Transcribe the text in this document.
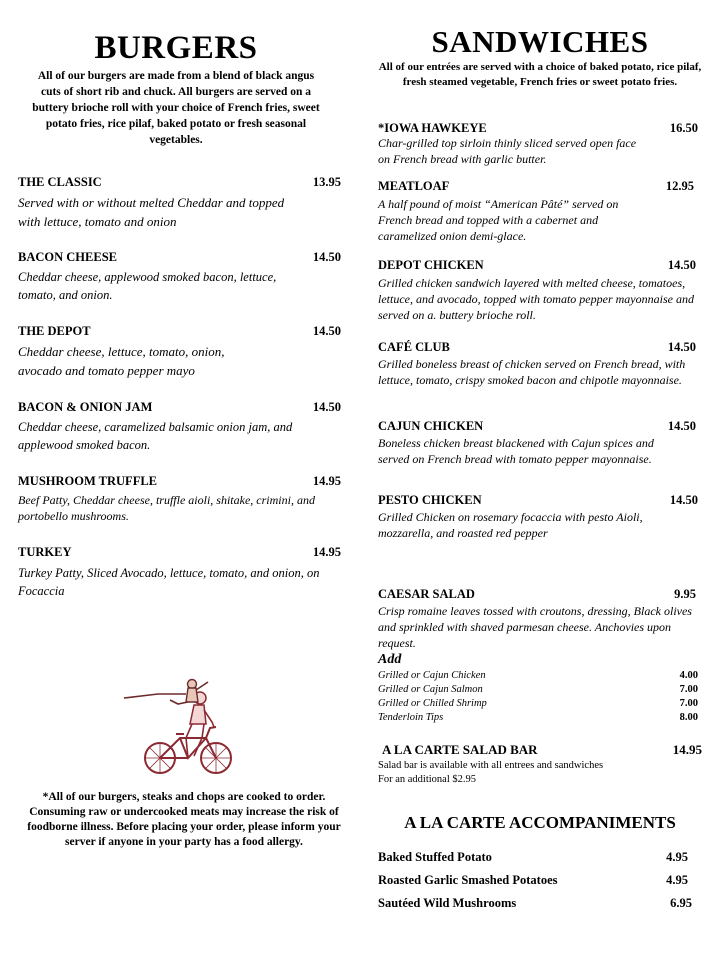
BURGERS
All of our burgers are made from a blend of black angus cuts of short rib and chuck. All burgers are served on a buttery brioche roll with your choice of French fries, sweet potato fries, rice pilaf, baked potato or fresh seasonal vegetables.
THE CLASSIC	13.95
Served with or without melted Cheddar and topped with lettuce, tomato and onion
BACON CHEESE	14.50
Cheddar cheese, applewood smoked bacon, lettuce, tomato, and onion.
THE DEPOT	14.50
Cheddar cheese, lettuce, tomato, onion, avocado and tomato pepper mayo
BACON & ONION JAM	14.50
Cheddar cheese, caramelized balsamic onion jam, and applewood smoked bacon.
MUSHROOM TRUFFLE	14.95
Beef Patty, Cheddar cheese, truffle aioli, shitake, crimini, and portobello mushrooms.
TURKEY	14.95
Turkey Patty, Sliced Avocado, lettuce, tomato, and onion, on Focaccia
*All of our burgers, steaks and chops are cooked to order. Consuming raw or undercooked meats may increase the risk of foodborne illness. Before placing your order, please inform your server if anyone in your party has a food allergy.
SANDWICHES
All of our entrées are served with a choice of baked potato, rice pilaf, fresh steamed vegetable, French fries or sweet potato fries.
*IOWA HAWKEYE	16.50
Char-grilled top sirloin thinly sliced served open face on French bread with garlic butter.
MEATLOAF	12.95
A half pound of moist “American Pâté” served on French bread and topped with a cabernet and caramelized onion demi-glace.
DEPOT CHICKEN	14.50
Grilled chicken sandwich layered with melted cheese, tomatoes, lettuce, and avocado, topped with tomato pepper mayonnaise and served on a. buttery brioche roll.
CAFÉ CLUB	14.50
Grilled boneless breast of chicken served on French bread, with lettuce, tomato, crispy smoked bacon and chipotle mayonnaise.
CAJUN CHICKEN	14.50
Boneless chicken breast blackened with Cajun spices and served on French bread with tomato pepper mayonnaise.
PESTO CHICKEN	14.50
Grilled Chicken on rosemary focaccia with pesto Aioli, mozzarella, and roasted red pepper
CAESAR SALAD	9.95
Crisp romaine leaves tossed with croutons, dressing, Black olives and sprinkled with shaved parmesan cheese. Anchovies upon request.
Add
Grilled or Cajun Chicken	4.00
Grilled or Cajun Salmon	7.00
Grilled or Chilled Shrimp	7.00
Tenderloin Tips	8.00
A LA CARTE SALAD BAR	14.95
Salad bar is available with all entrees and sandwiches
For an additional $2.95
A LA CARTE ACCOMPANIMENTS
Baked Stuffed Potato	4.95
Roasted Garlic Smashed Potatoes	4.95
Sautéed Wild Mushrooms	6.95
